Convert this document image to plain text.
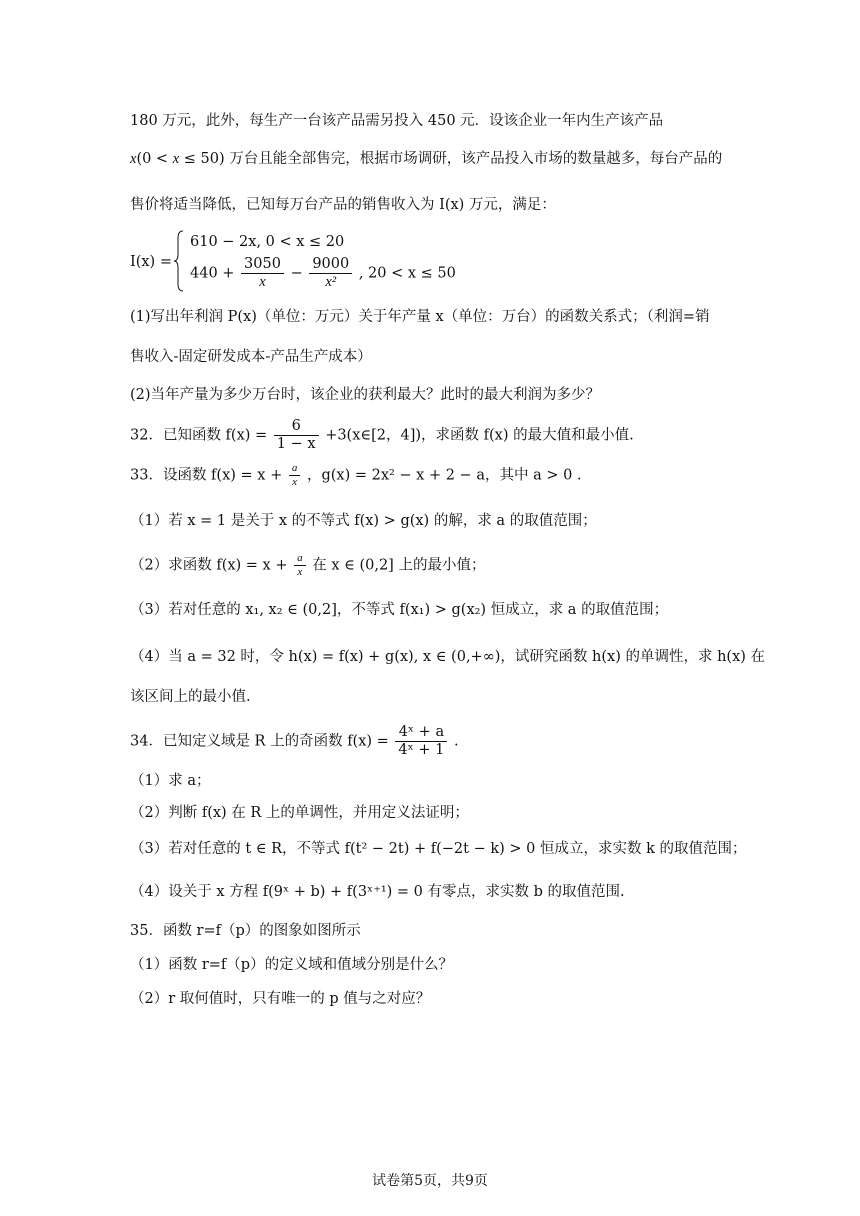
180 万元，此外，每生产一台该产品需另投入 450 元．设该企业一年内生产该产品
x(0 < x ≤ 50) 万台且能全部售完，根据市场调研，该产品投入市场的数量越多，每台产品的
售价将适当降低，已知每万台产品的销售收入为 I(x) 万元，满足：
I(x) =
610 − 2x, 0 < x ≤ 20
$440 + \frac{3050}{x} - \frac{9000}{\text{x²}}$ , 20 < x ≤ 50
(1)写出年利润 P(x)（单位：万元）关于年产量 x（单位：万台）的函数关系式；（利润=销
售收入-固定研发成本-产品生产成本）
(2)当年产量为多少万台时，该企业的获利最大？此时的最大利润为多少？
32．已知函数 $f(x) = \frac{6}{1 - x}$ +3(x∈[2，4])，求函数 f(x) 的最大值和最小值.
33．设函数 $f(x) = x + \frac{a}{x}$ ，g(x) = 2x² − x + 2 − a，其中 a > 0 .
（1）若 x = 1 是关于 x 的不等式 f(x) > g(x) 的解，求 a 的取值范围；
（2）求函数 $f(x) = x + \frac{a}{x}$ 在 x ∈ (0,2] 上的最小值；
（3）若对任意的 x₁, x₂ ∈ (0,2]，不等式 f(x₁) > g(x₂) 恒成立，求 a 的取值范围；
（4）当 a = 32 时，令 h(x) = f(x) + g(x), x ∈ (0,+∞)，试研究函数 h(x) 的单调性，求 h(x) 在
该区间上的最小值.
34．已知定义域是 R 上的奇函数 $f(x) = \frac{\text{4ˣ + a}}{\text{4ˣ + 1}}$ .
（1）求 a；
（2）判断 f(x) 在 R 上的单调性，并用定义法证明；
（3）若对任意的 t ∈ R，不等式 f(t² − 2t) + f(−2t − k) > 0 恒成立，求实数 k 的取值范围；
（4）设关于 x 方程 f(9ˣ + b) + f(3ˣ⁺¹) = 0 有零点，求实数 b 的取值范围.
35．函数 r=f（p）的图象如图所示
（1）函数 r=f（p）的定义域和值域分别是什么？
（2）r 取何值时，只有唯一的 p 值与之对应？
试卷第5页，共9页
